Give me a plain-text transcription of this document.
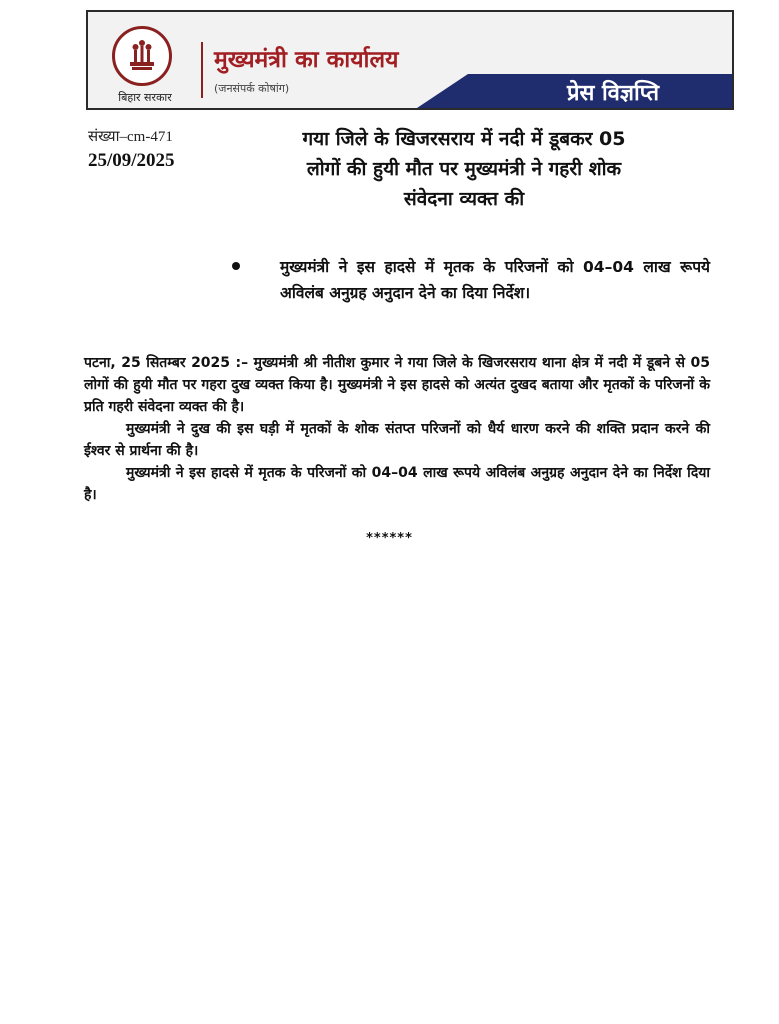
बिहार सरकार
मुख्यमंत्री का कार्यालय
(जनसंपर्क कोषांग)	प्रेस विज्ञप्ति
संख्या–cm-471
25/09/2025
गया जिले के खिजरसराय में नदी में डूबकर 05
लोगों की हुयी मौत पर मुख्यमंत्री ने गहरी शोक
संवेदना व्यक्त की
मुख्यमंत्री ने इस हादसे में मृतक के परिजनों को 04–04 लाख रूपये अविलंब अनुग्रह अनुदान देने का दिया निर्देश।

पटना, 25 सितम्बर 2025 :– मुख्यमंत्री श्री नीतीश कुमार ने गया जिले के खिजरसराय थाना क्षेत्र में नदी में डूबने से 05 लोगों की हुयी मौत पर गहरा दुख व्यक्त किया है। मुख्यमंत्री ने इस हादसे को अत्यंत दुखद बताया और मृतकों के परिजनों के प्रति गहरी संवेदना व्यक्त की है।

मुख्यमंत्री ने दुख की इस घड़ी में मृतकों के शोक संतप्त परिजनों को धैर्य धारण करने की शक्ति प्रदान करने की ईश्वर से प्रार्थना की है।

मुख्यमंत्री ने इस हादसे में मृतक के परिजनों को 04–04 लाख रूपये अविलंब अनुग्रह अनुदान देने का निर्देश दिया है।

******
